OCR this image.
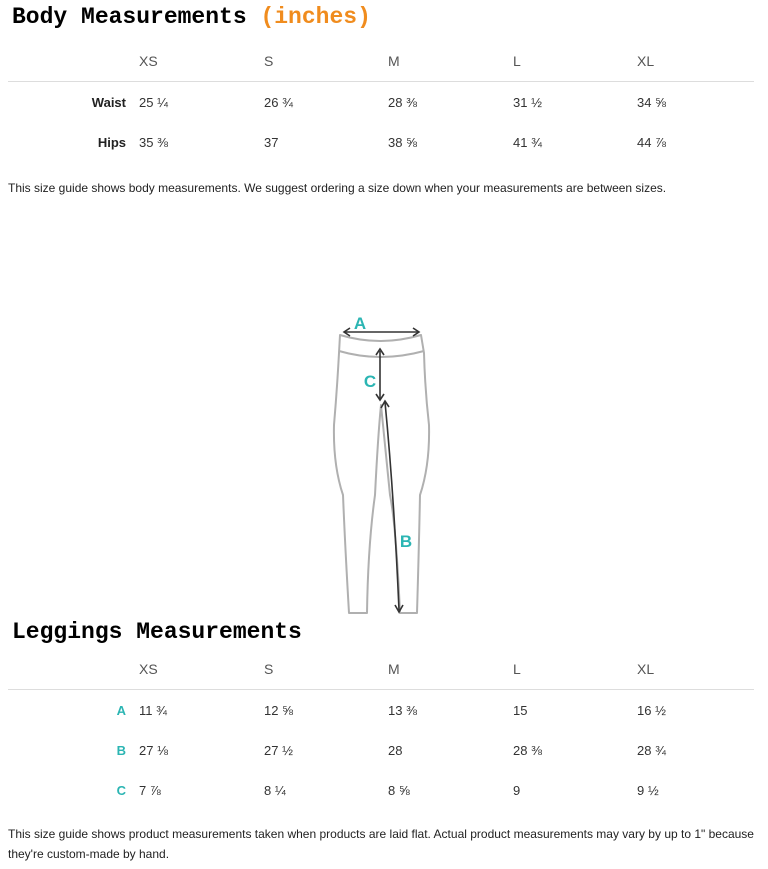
Body Measurements (inches)
XS	S	M	L	XL
Waist 25 ¼	26 ¾	28 ⅜	31 ½	34 ⅝
Hips 35 ⅜	37	38 ⅝	41 ¾	44 ⅞

This size guide shows body measurements. We suggest ordering a size down when your measurements are between sizes.

A
C
B
Leggings Measurements
XS	S	M	L	XL
A 11 ¾	12 ⅝	13 ⅜	15	16 ½
B 27 ⅛	27 ½	28	28 ⅜	28 ¾
C 7 ⅞	8 ¼	8 ⅝	9	9 ½

This size guide shows product measurements taken when products are laid flat. Actual product measurements may vary by up to 1" because they're custom-made by hand.
